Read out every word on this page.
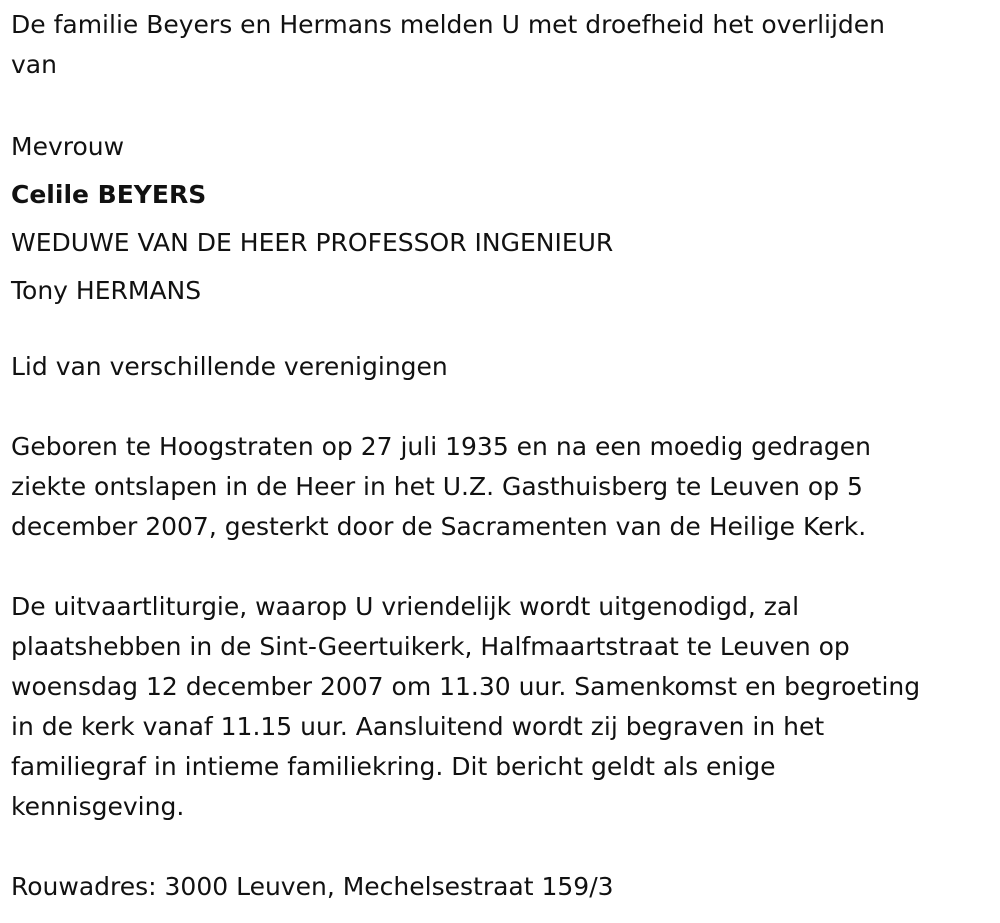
De familie Beyers en Hermans melden U met droefheid het overlijden
van

Mevrouw

Celile BEYERS

WEDUWE VAN DE HEER PROFESSOR INGENIEUR

Tony HERMANS

Lid van verschillende verenigingen

Geboren te Hoogstraten op 27 juli 1935 en na een moedig gedragen
ziekte ontslapen in de Heer in het U.Z. Gasthuisberg te Leuven op 5
december 2007, gesterkt door de Sacramenten van de Heilige Kerk.

De uitvaartliturgie, waarop U vriendelijk wordt uitgenodigd, zal
plaatshebben in de Sint-Geertuikerk, Halfmaartstraat te Leuven op
woensdag 12 december 2007 om 11.30 uur. Samenkomst en begroeting
in de kerk vanaf 11.15 uur. Aansluitend wordt zij begraven in het
familiegraf in intieme familiekring. Dit bericht geldt als enige
kennisgeving.

Rouwadres: 3000 Leuven, Mechelsestraat 159/3
